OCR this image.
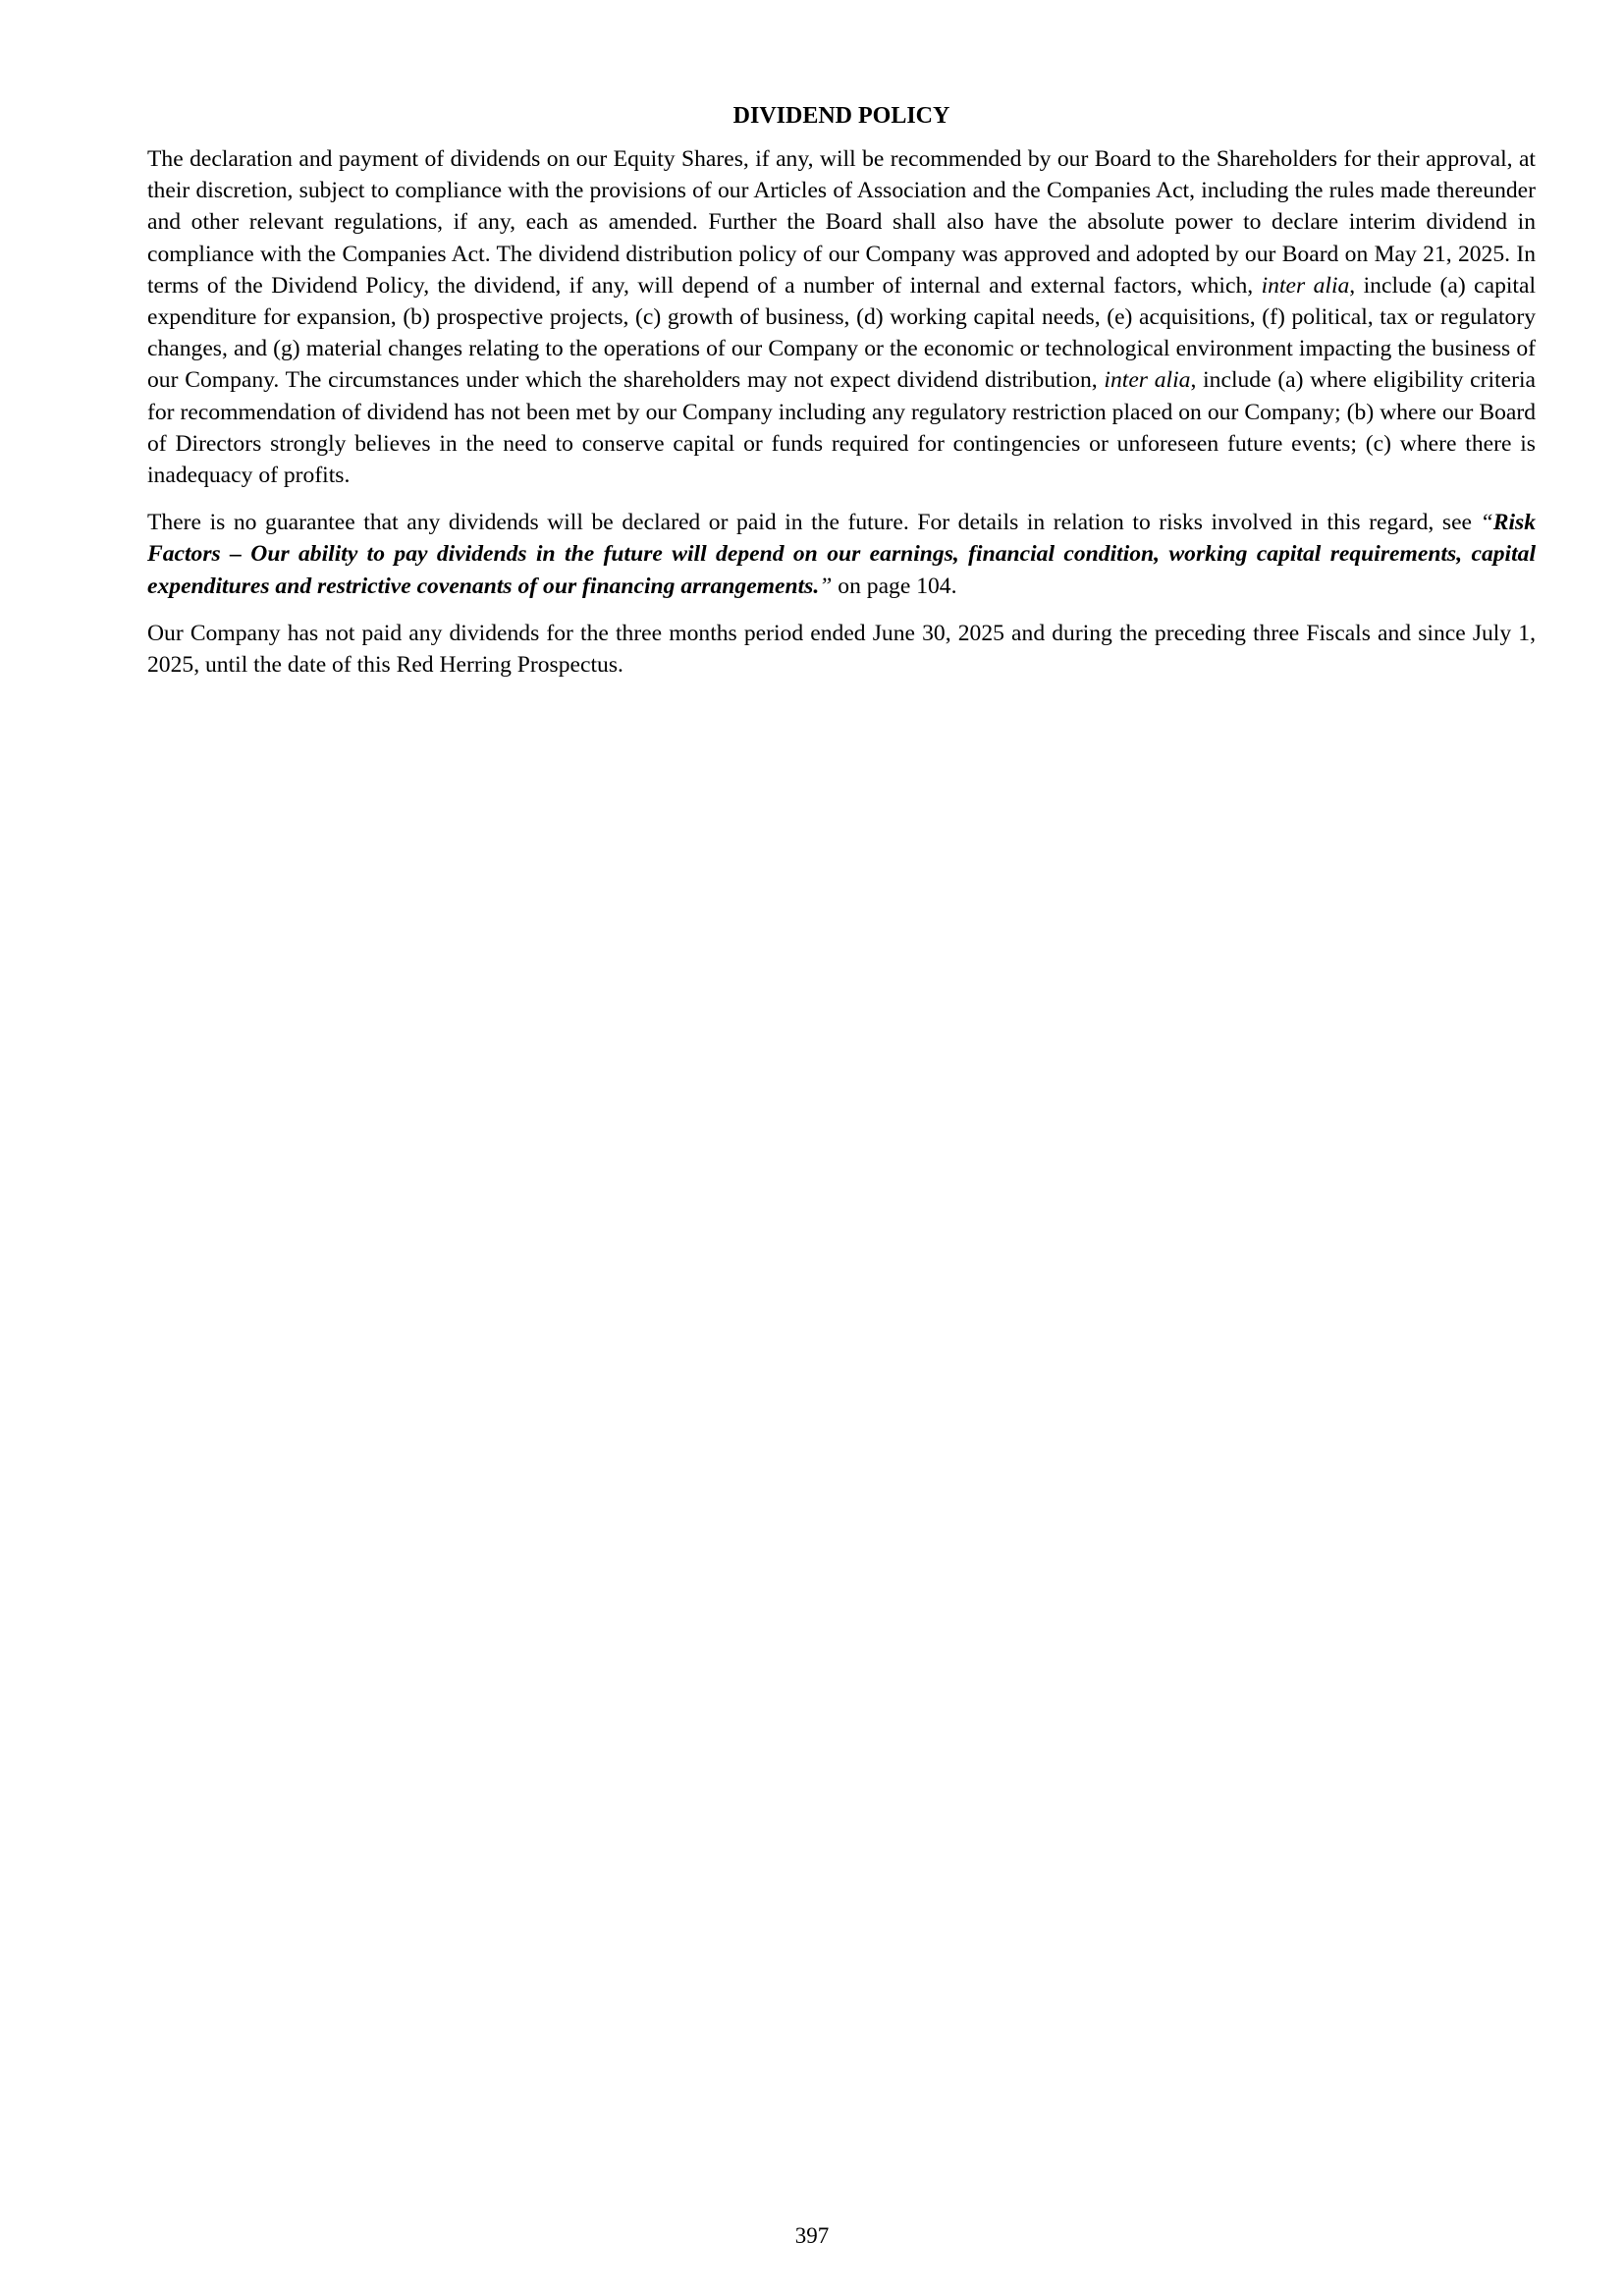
DIVIDEND POLICY

The declaration and payment of dividends on our Equity Shares, if any, will be recommended by our Board to the Shareholders for their approval, at their discretion, subject to compliance with the provisions of our Articles of Association and the Companies Act, including the rules made thereunder and other relevant regulations, if any, each as amended. Further the Board shall also have the absolute power to declare interim dividend in compliance with the Companies Act. The dividend distribution policy of our Company was approved and adopted by our Board on May 21, 2025. In terms of the Dividend Policy, the dividend, if any, will depend of a number of internal and external factors, which, inter alia, include (a) capital expenditure for expansion, (b) prospective projects, (c) growth of business, (d) working capital needs, (e) acquisitions, (f) political, tax or regulatory changes, and (g) material changes relating to the operations of our Company or the economic or technological environment impacting the business of our Company. The circumstances under which the shareholders may not expect dividend distribution, inter alia, include (a) where eligibility criteria for recommendation of dividend has not been met by our Company including any regulatory restriction placed on our Company; (b) where our Board of Directors strongly believes in the need to conserve capital or funds required for contingencies or unforeseen future events; (c) where there is inadequacy of profits.

There is no guarantee that any dividends will be declared or paid in the future. For details in relation to risks involved in this regard, see “Risk Factors – Our ability to pay dividends in the future will depend on our earnings, financial condition, working capital requirements, capital expenditures and restrictive covenants of our financing arrangements.” on page 104.

Our Company has not paid any dividends for the three months period ended June 30, 2025 and during the preceding three Fiscals and since July 1, 2025, until the date of this Red Herring Prospectus.

397
